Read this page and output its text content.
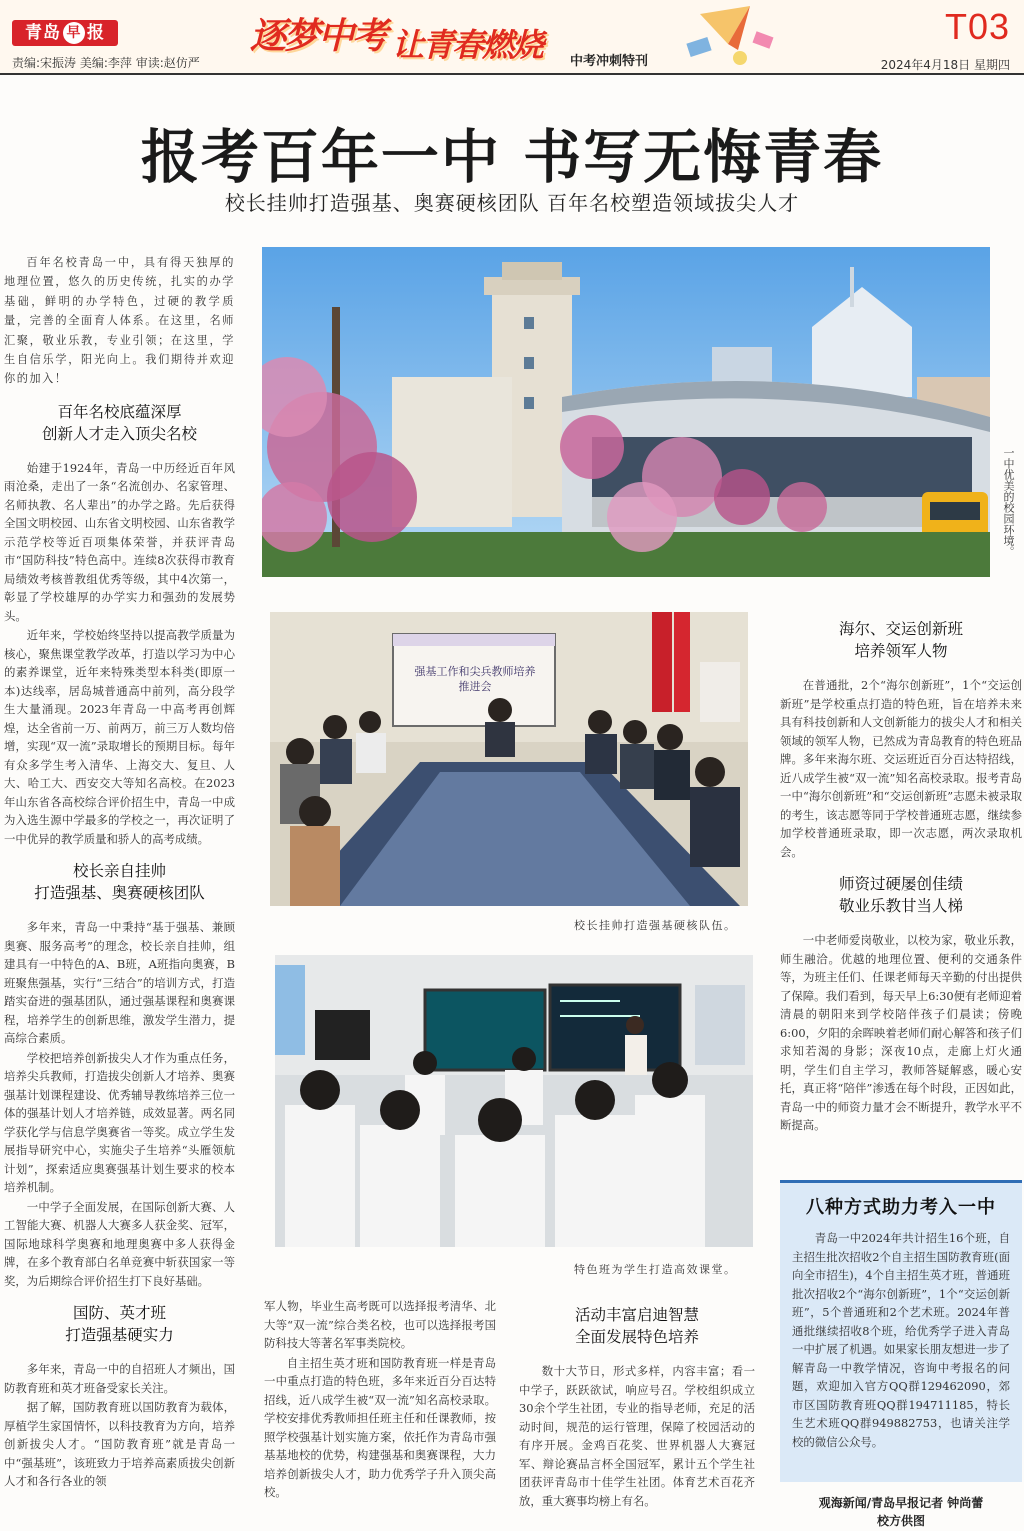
青岛 早 报
责编:宋振涛 美编:李萍 审读:赵仿严
逐梦中考 让青春燃烧 中考冲刺特刊
T03
2024年4月18日 星期四
报考百年一中 书写无悔青春
校长挂帅打造强基、奥赛硬核团队 百年名校塑造领域拔尖人才

百年名校青岛一中，具有得天独厚的地理位置，悠久的历史传统，扎实的办学基础，鲜明的办学特色，过硬的教学质量，完善的全面育人体系。在这里，名师汇聚，敬业乐教，专业引领；在这里，学生自信乐学，阳光向上。我们期待并欢迎你的加入！

百年名校底蕴深厚
创新人才走入顶尖名校

始建于1924年，青岛一中历经近百年风雨沧桑，走出了一条“名流创办、名家管理、名师执教、名人辈出”的办学之路。先后获得全国文明校园、山东省文明校园、山东省教学示范学校等近百项集体荣誉，并获评青岛市“国防科技”特色高中。连续8次获得市教育局绩效考核普教组优秀等级，其中4次第一，彰显了学校雄厚的办学实力和强劲的发展势头。

近年来，学校始终坚持以提高教学质量为核心，聚焦课堂教学改革，打造以学习为中心的素养课堂，近年来特殊类型本科类(即原一本)达线率，居岛城普通高中前列，高分段学生大量涌现。2023年青岛一中高考再创辉煌，达全省前一万、前两万，前三万人数均倍增，实现“双一流”录取增长的预期目标。每年有众多学生考入清华、上海交大、复旦、人大、哈工大、西安交大等知名高校。在2023年山东省各高校综合评价招生中，青岛一中成为入选生源中学最多的学校之一，再次证明了一中优异的教学质量和骄人的高考成绩。

校长亲自挂帅
打造强基、奥赛硬核团队

多年来，青岛一中秉持“基于强基、兼顾奥赛、服务高考”的理念，校长亲自挂帅，组建具有一中特色的A、B班，A班指向奥赛，B班聚焦强基，实行“三结合”的培训方式，打造踏实奋进的强基团队，通过强基课程和奥赛课程，培养学生的创新思维，激发学生潜力，提高综合素质。

学校把培养创新拔尖人才作为重点任务，培养尖兵教师，打造拔尖创新人才培养、奥赛强基计划课程建设、优秀辅导教练培养三位一体的强基计划人才培养链，成效显著。两名同学获化学与信息学奥赛省一等奖。成立学生发展指导研究中心，实施尖子生培养“头雁领航计划”，探索适应奥赛强基计划生要求的校本培养机制。

一中学子全面发展，在国际创新大赛、人工智能大赛、机器人大赛多人获金奖、冠军，国际地球科学奥赛和地理奥赛中多人获得金牌，在多个教育部白名单竞赛中斩获国家一等奖，为后期综合评价招生打下良好基础。

国防、英才班
打造强基硬实力

多年来，青岛一中的自招班人才频出，国防教育班和英才班备受家长关注。

据了解，国防教育班以国防教育为载体，厚植学生家国情怀，以科技教育为方向，培养创新拔尖人才。“国防教育班”就是青岛一中“强基班”，该班致力于培养高素质拔尖创新人才和各行各业的领

一中优美的校园环境。
强基工作和尖兵教师培养推进会
校长挂帅打造强基硬核队伍。
特色班为学生打造高效课堂。

军人物，毕业生高考既可以选择报考清华、北大等“双一流”综合类名校，也可以选择报考国防科技大等著名军事类院校。

自主招生英才班和国防教育班一样是青岛一中重点打造的特色班，多年来近百分百达特招线，近八成学生被“双一流”知名高校录取。学校安排优秀教师担任班主任和任课教师，按照学校强基计划实施方案，依托作为青岛市强基基地校的优势，构建强基和奥赛课程，大力培养创新拔尖人才，助力优秀学子升入顶尖高校。

活动丰富启迪智慧
全面发展特色培养

数十大节日，形式多样，内容丰富；看一中学子，跃跃欲试，响应号召。学校组织成立30余个学生社团，专业的指导老师，充足的活动时间，规范的运行管理，保障了校园活动的有序开展。金鸡百花奖、世界机器人大赛冠军、辩论赛品言杯全国冠军，累计五个学生社团获评青岛市十佳学生社团。体育艺术百花齐放，重大赛事均榜上有名。

海尔、交运创新班
培养领军人物

在普通批，2个“海尔创新班”，1个“交运创新班”是学校重点打造的特色班，旨在培养未来具有科技创新和人文创新能力的拔尖人才和相关领域的领军人物，已然成为青岛教育的特色班品牌。多年来海尔班、交运班近百分百达特招线，近八成学生被“双一流”知名高校录取。报考青岛一中“海尔创新班”和“交运创新班”志愿未被录取的考生，该志愿等同于学校普通班志愿，继续参加学校普通班录取，即一次志愿，两次录取机会。

师资过硬屡创佳绩
敬业乐教甘当人梯

一中老师爱岗敬业，以校为家，敬业乐教，师生融洽。优越的地理位置、便利的交通条件等，为班主任们、任课老师每天辛勤的付出提供了保障。我们看到，每天早上6:30便有老师迎着清晨的朝阳来到学校陪伴孩子们晨读；傍晚6:00，夕阳的余晖映着老师们耐心解答和孩子们求知若渴的身影；深夜10点，走廊上灯火通明，学生们自主学习，教师答疑解惑，暖心安托，真正将“陪伴”渗透在每个时段，正因如此，青岛一中的师资力量才会不断提升，教学水平不断提高。

八种方式助力考入一中

青岛一中2024年共计招生16个班，自主招生批次招收2个自主招生国防教育班(面向全市招生)，4个自主招生英才班，普通班批次招收2个“海尔创新班”，1个“交运创新班”，5个普通班和2个艺术班。2024年普通批继续招收8个班，给优秀学子进入青岛一中扩展了机遇。如果家长朋友想进一步了解青岛一中教学情况，咨询中考报名的问题，欢迎加入官方QQ群129462090，郊市区国防教育班QQ群194711185，特长生艺术班QQ群949882753，也请关注学校的微信公众号。

观海新闻/青岛早报记者 钟尚蕾
校方供图
